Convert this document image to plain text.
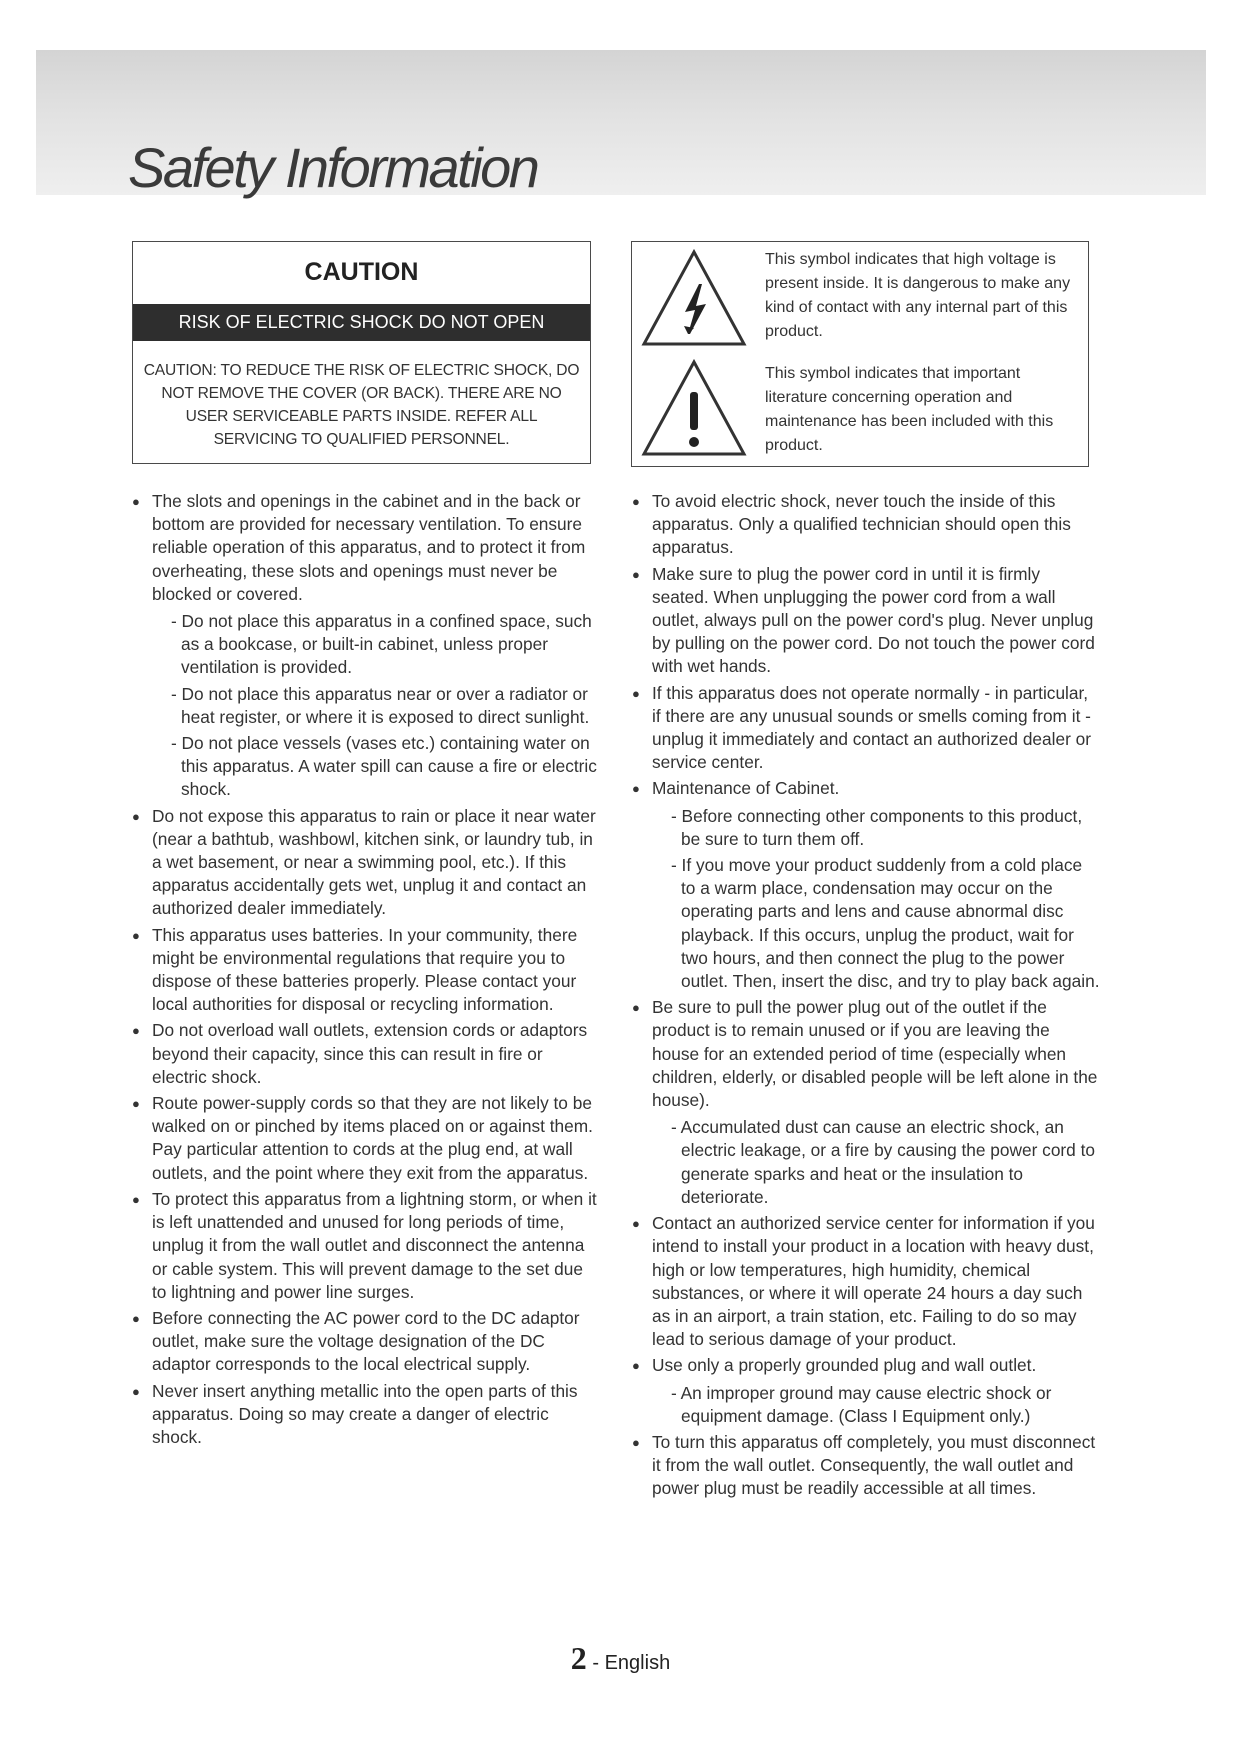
Safety Information
CAUTION
RISK OF ELECTRIC SHOCK DO NOT OPEN

CAUTION: TO REDUCE THE RISK OF ELECTRIC SHOCK, DO NOT REMOVE THE COVER (OR BACK). THERE ARE NO USER SERVICEABLE PARTS INSIDE. REFER ALL SERVICING TO QUALIFIED PERSONNEL.

This symbol indicates that high voltage is present inside. It is dangerous to make any kind of contact with any internal part of this product.

This symbol indicates that important literature concerning operation and maintenance has been included with this product.

● The slots and openings in the cabinet and in the back or bottom are provided for necessary ventilation. To ensure reliable operation of this apparatus, and to protect it from overheating, these slots and openings must never be blocked or covered.
- Do not place this apparatus in a confined space, such as a bookcase, or built-in cabinet, unless proper ventilation is provided.
- Do not place this apparatus near or over a radiator or heat register, or where it is exposed to direct sunlight.
- Do not place vessels (vases etc.) containing water on this apparatus. A water spill can cause a fire or electric shock.
● Do not expose this apparatus to rain or place it near water (near a bathtub, washbowl, kitchen sink, or laundry tub, in a wet basement, or near a swimming pool, etc.). If this apparatus accidentally gets wet, unplug it and contact an authorized dealer immediately.
● This apparatus uses batteries. In your community, there might be environmental regulations that require you to dispose of these batteries properly. Please contact your local authorities for disposal or recycling information.
● Do not overload wall outlets, extension cords or adaptors beyond their capacity, since this can result in fire or electric shock.
● Route power-supply cords so that they are not likely to be walked on or pinched by items placed on or against them. Pay particular attention to cords at the plug end, at wall outlets, and the point where they exit from the apparatus.
● To protect this apparatus from a lightning storm, or when it is left unattended and unused for long periods of time, unplug it from the wall outlet and disconnect the antenna or cable system. This will prevent damage to the set due to lightning and power line surges.
● Before connecting the AC power cord to the DC adaptor outlet, make sure the voltage designation of the DC adaptor corresponds to the local electrical supply.
● Never insert anything metallic into the open parts of this apparatus. Doing so may create a danger of electric shock.
● To avoid electric shock, never touch the inside of this apparatus. Only a qualified technician should open this apparatus.
● Make sure to plug the power cord in until it is firmly seated. When unplugging the power cord from a wall outlet, always pull on the power cord's plug. Never unplug by pulling on the power cord. Do not touch the power cord with wet hands.
● If this apparatus does not operate normally - in particular, if there are any unusual sounds or smells coming from it - unplug it immediately and contact an authorized dealer or service center.
● Maintenance of Cabinet.
- Before connecting other components to this product, be sure to turn them off.
- If you move your product suddenly from a cold place to a warm place, condensation may occur on the operating parts and lens and cause abnormal disc playback. If this occurs, unplug the product, wait for two hours, and then connect the plug to the power outlet. Then, insert the disc, and try to play back again.
● Be sure to pull the power plug out of the outlet if the product is to remain unused or if you are leaving the house for an extended period of time (especially when children, elderly, or disabled people will be left alone in the house).
- Accumulated dust can cause an electric shock, an electric leakage, or a fire by causing the power cord to generate sparks and heat or the insulation to deteriorate.
● Contact an authorized service center for information if you intend to install your product in a location with heavy dust, high or low temperatures, high humidity, chemical substances, or where it will operate 24 hours a day such as in an airport, a train station, etc. Failing to do so may lead to serious damage of your product.
● Use only a properly grounded plug and wall outlet.
- An improper ground may cause electric shock or equipment damage. (Class I Equipment only.)
● To turn this apparatus off completely, you must disconnect it from the wall outlet. Consequently, the wall outlet and power plug must be readily accessible at all times.
2 - English
